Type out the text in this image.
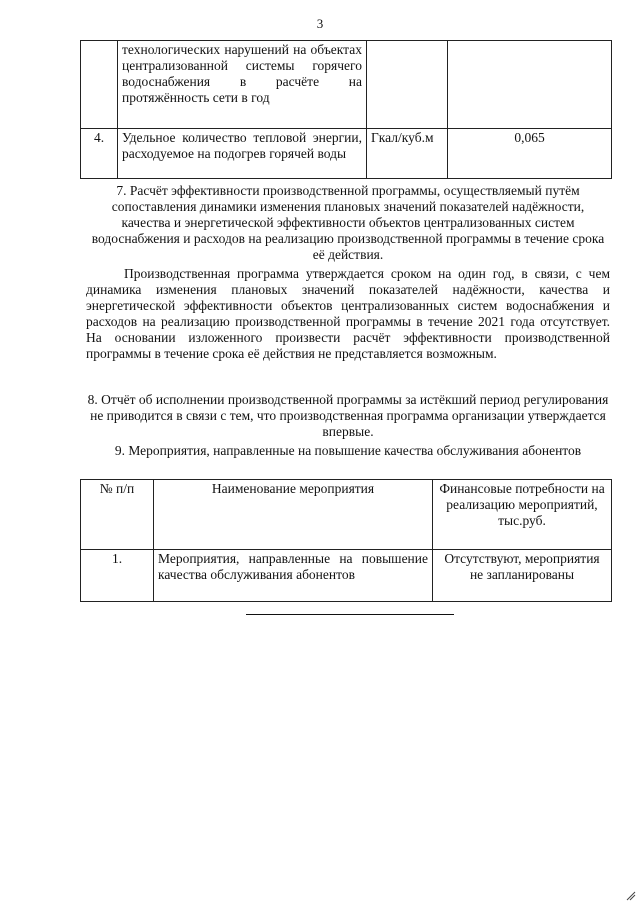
3
	технологических нарушений на объектах централизованной системы горячего водоснабжения в расчёте на протяжённость сети в год		
4.	Удельное количество тепловой энергии, расходуемое на подогрев горячей воды	Гкал/куб.м	0,065

7. Расчёт эффективности производственной программы, осуществляемый путём сопоставления динамики изменения плановых значений показателей надёжности, качества и энергетической эффективности объектов централизованных систем водоснабжения и расходов на реализацию производственной программы в течение срока её действия.

Производственная программа утверждается сроком на один год, в связи, с чем динамика изменения плановых значений показателей надёжности, качества и энергетической эффективности объектов централизованных систем водоснабжения и расходов на реализацию производственной программы в течение 2021 года отсутствует. На основании изложенного произвести расчёт эффективности производственной программы в течение срока её действия не представляется возможным.

8. Отчёт об исполнении производственной программы за истёкший период регулирования не приводится в связи с тем, что производственная программа организации утверждается впервые.

9. Мероприятия, направленные на повышение качества обслуживания абонентов

№ п/п	Наименование мероприятия	Финансовые потребности на реализацию мероприятий, тыс.руб.
1.	Мероприятия, направленные на повышение качества обслуживания абонентов	Отсутствуют, мероприятия не запланированы
